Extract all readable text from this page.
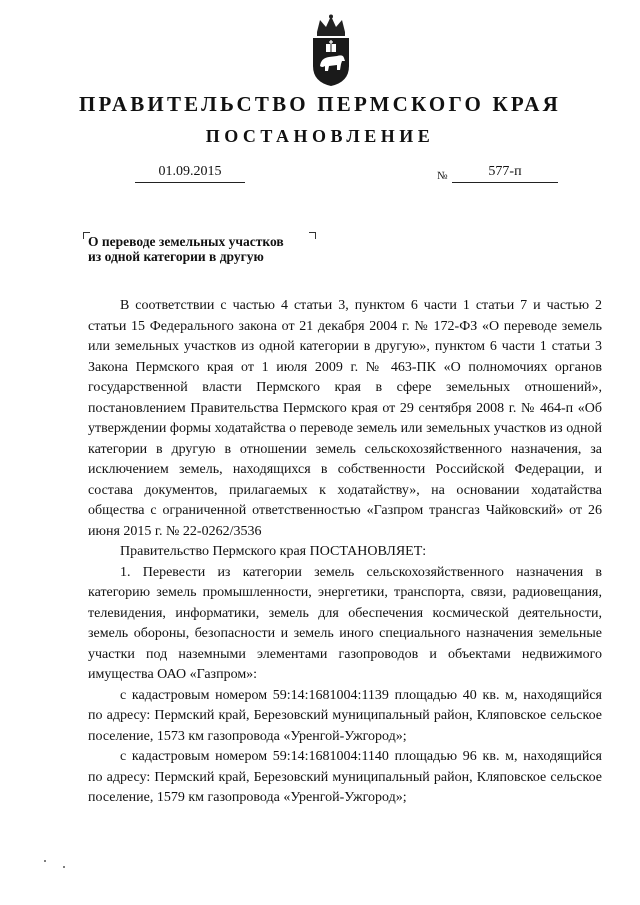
ПРАВИТЕЛЬСТВО ПЕРМСКОГО КРАЯ
ПОСТАНОВЛЕНИЕ
01.09.2015	№	577-п
О переводе земельных участков
из одной категории в другую

В соответствии с частью 4 статьи 3, пунктом 6 части 1 статьи 7 и частью 2 статьи 15 Федерального закона от 21 декабря 2004 г. № 172-ФЗ «О переводе земель или земельных участков из одной категории в другую», пунктом 6 части 1 статьи 3 Закона Пермского края от 1 июля 2009 г. № 463-ПК «О полномочиях органов государственной власти Пермского края в сфере земельных отношений», постановлением Правительства Пермского края от 29 сентября 2008 г. № 464-п «Об утверждении формы ходатайства о переводе земель или земельных участков из одной категории в другую в отношении земель сельскохозяйственного назначения, за исключением земель, находящихся в собственности Российской Федерации, и состава документов, прилагаемых к ходатайству», на основании ходатайства общества с ограниченной ответственностью «Газпром трансгаз Чайковский» от 26 июня 2015 г. № 22-0262/3536

Правительство Пермского края ПОСТАНОВЛЯЕТ:

1. Перевести из категории земель сельскохозяйственного назначения в категорию земель промышленности, энергетики, транспорта, связи, радиовещания, телевидения, информатики, земель для обеспечения космической деятельности, земель обороны, безопасности и земель иного специального назначения земельные участки под наземными элементами газопроводов и объектами недвижимого имущества ОАО «Газпром»:

с кадастровым номером 59:14:1681004:1139 площадью 40 кв. м, находящийся по адресу: Пермский край, Березовский муниципальный район, Кляповское сельское поселение, 1573 км газопровода «Уренгой-Ужгород»;

с кадастровым номером 59:14:1681004:1140 площадью 96 кв. м, находящийся по адресу: Пермский край, Березовский муниципальный район, Кляповское сельское поселение, 1579 км газопровода «Уренгой-Ужгород»;
